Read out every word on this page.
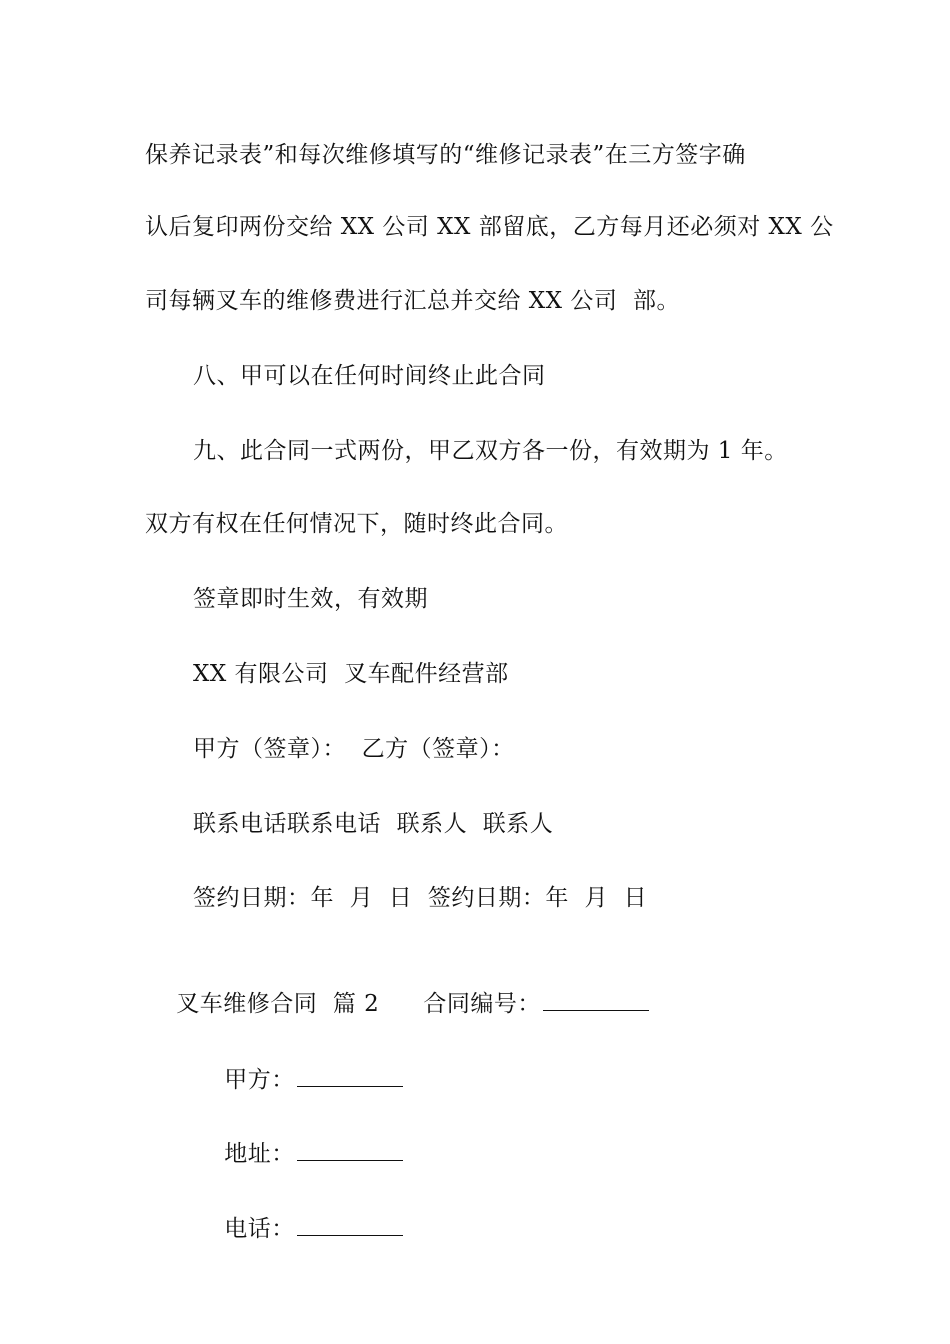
保养记录表”和每次维修填写的“维修记录表”在三方签字确
认后复印两份交给 XX 公司 XX 部留底，乙方每月还必须对 XX 公
司每辆叉车的维修费进行汇总并交给 XX 公司  部。
八、甲可以在任何时间终止此合同
九、此合同一式两份，甲乙双方各一份，有效期为 1 年。
双方有权在任何情况下，随时终此合同。
签章即时生效，有效期
XX 有限公司  叉车配件经营部
甲方（签章）：  乙方（签章）：
联系电话联系电话  联系人  联系人
签约日期：年  月  日  签约日期：年  月  日

叉车维修合同  篇 2 合同编号：

甲方：

地址：

电话：
